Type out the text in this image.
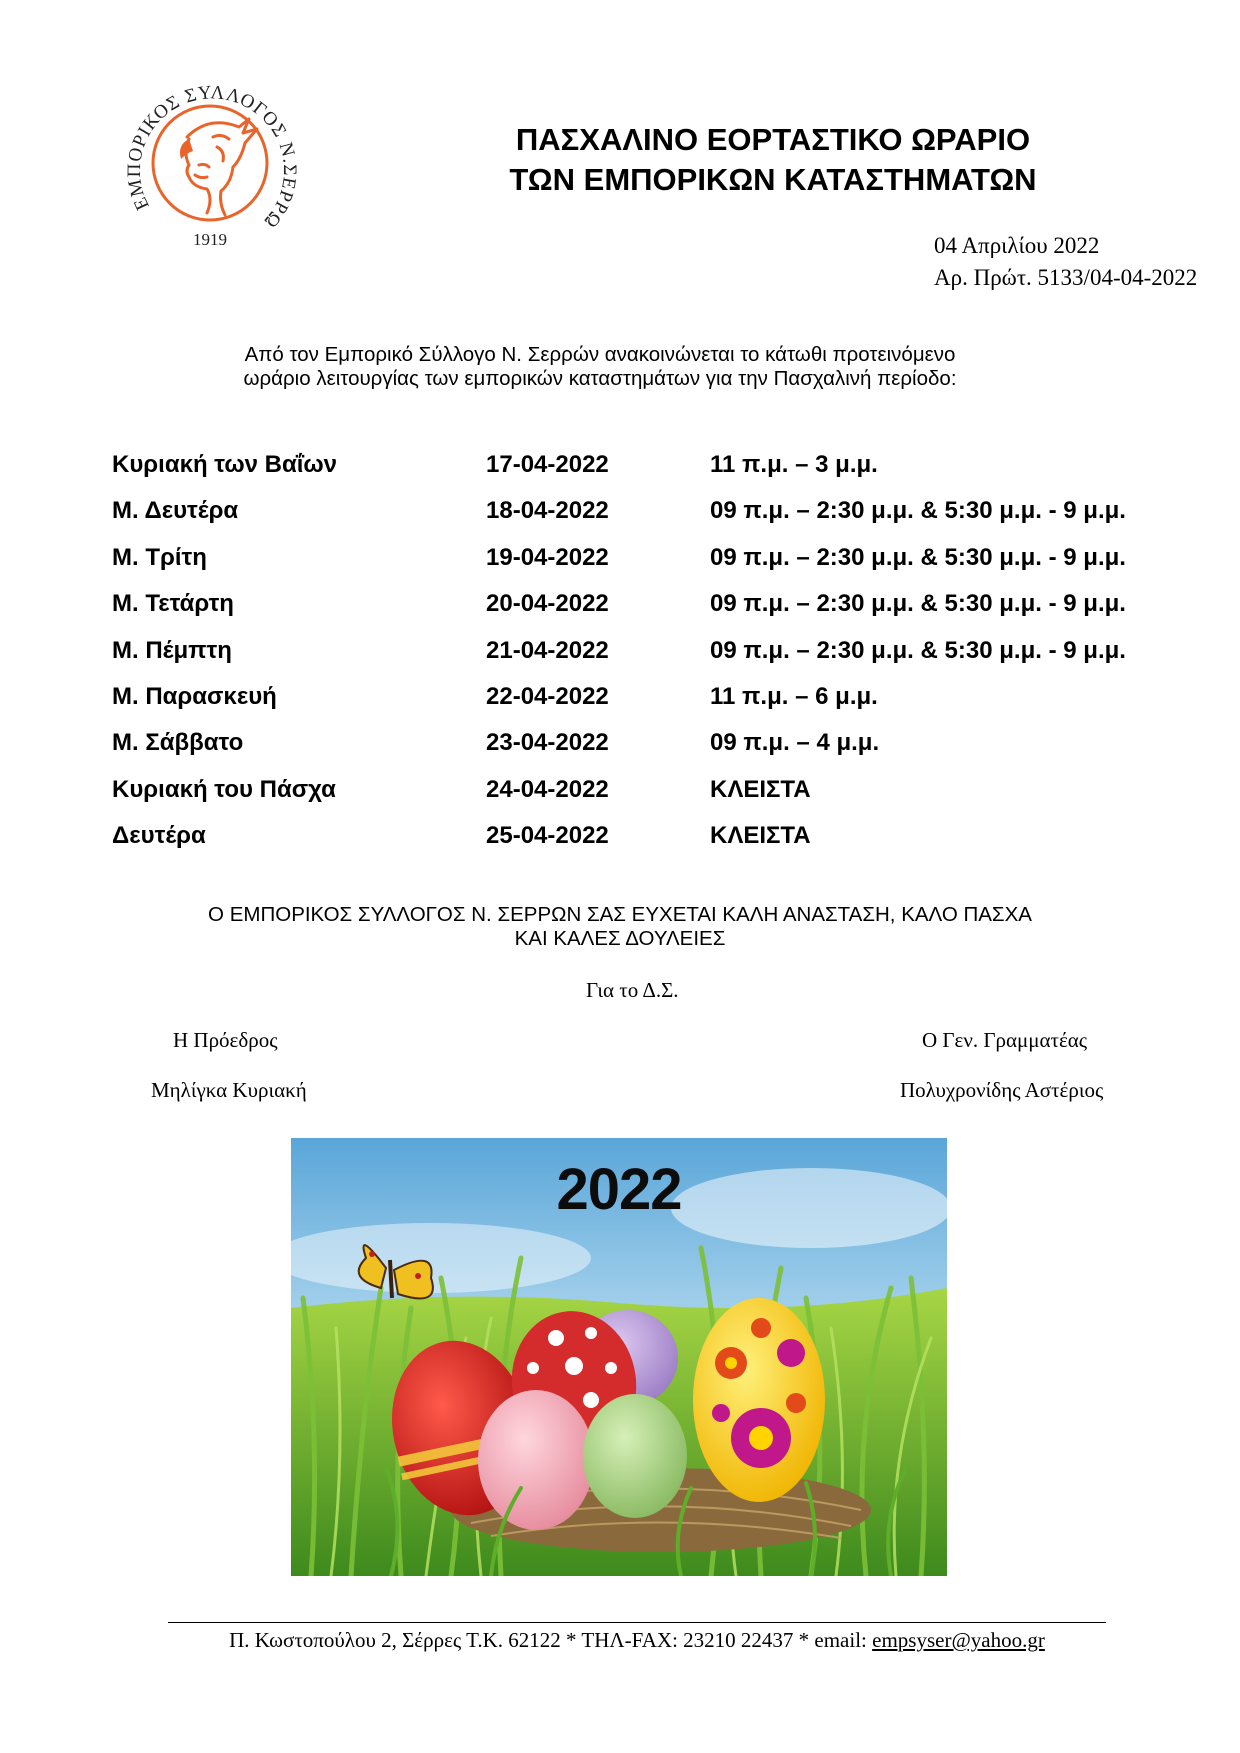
ΕΜΠΟΡΙΚΟΣ ΣΥΛΛΟΓΟΣ Ν.ΣΕΡΡΩ
1919
ΠΑΣΧΑΛΙΝΟ ΕΟΡΤΑΣΤΙΚΟ ΩΡΑΡΙΟ
ΤΩΝ ΕΜΠΟΡΙΚΩΝ ΚΑΤΑΣΤΗΜΑΤΩΝ
04 Απριλίου 2022
Αρ. Πρώτ. 5133/04-04-2022
Από τον Εμπορικό Σύλλογο Ν. Σερρών ανακοινώνεται το κάτωθι προτεινόμενο
ωράριο λειτουργίας των εμπορικών καταστημάτων για την Πασχαλινή περίοδο:
Κυριακή των Βαΐων	17-04-2022	11 π.μ. – 3 μ.μ.
Μ. Δευτέρα	18-04-2022	09 π.μ. – 2:30 μ.μ. & 5:30 μ.μ. - 9 μ.μ.
Μ. Τρίτη	19-04-2022	09 π.μ. – 2:30 μ.μ. & 5:30 μ.μ. - 9 μ.μ.
Μ. Τετάρτη	20-04-2022	09 π.μ. – 2:30 μ.μ. & 5:30 μ.μ. - 9 μ.μ.
Μ. Πέμπτη	21-04-2022	09 π.μ. – 2:30 μ.μ. & 5:30 μ.μ. - 9 μ.μ.
Μ. Παρασκευή	22-04-2022	11 π.μ. – 6 μ.μ.
Μ. Σάββατο	23-04-2022	09 π.μ. – 4 μ.μ.
Κυριακή του Πάσχα	24-04-2022	ΚΛΕΙΣΤΑ
Δευτέρα	25-04-2022	ΚΛΕΙΣΤΑ
Ο ΕΜΠΟΡΙΚΟΣ ΣΥΛΛΟΓΟΣ Ν. ΣΕΡΡΩΝ ΣΑΣ ΕΥΧΕΤΑΙ ΚΑΛΗ ΑΝΑΣΤΑΣΗ, ΚΑΛΟ ΠΑΣΧΑ
ΚΑΙ ΚΑΛΕΣ ΔΟΥΛΕΙΕΣ
Για το Δ.Σ.
Η Πρόεδρος
Μηλίγκα Κυριακή
Ο Γεν. Γραμματέας
Πολυχρονίδης Αστέριος
2022
Π. Κωστοπούλου 2, Σέρρες Τ.Κ. 62122 * ΤΗΛ-FAX: 23210 22437 * email: empsyser@yahoo.gr
